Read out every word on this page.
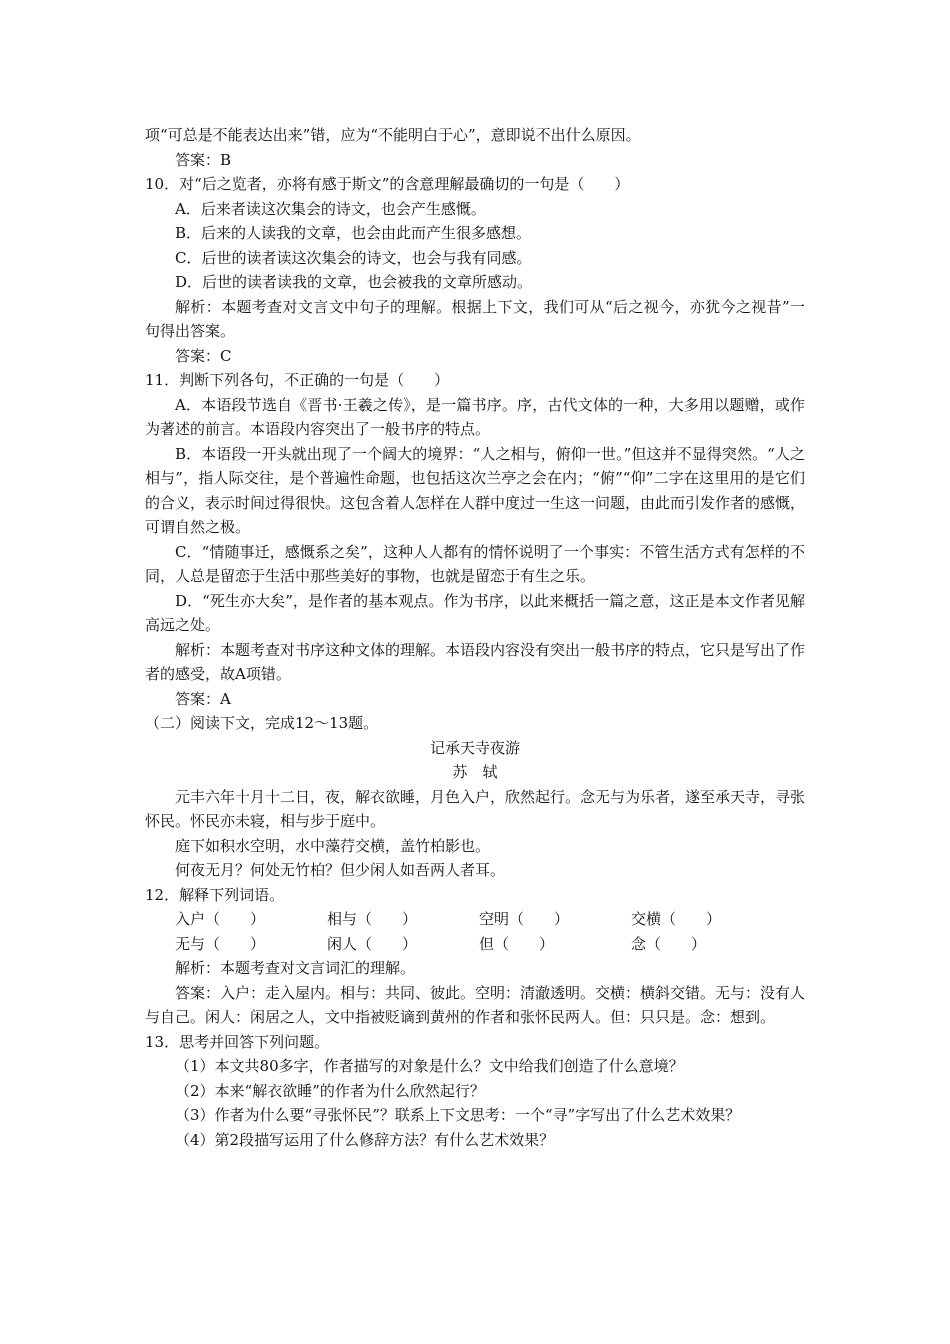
项“可总是不能表达出来”错，应为“不能明白于心”，意即说不出什么原因。

答案：B

10．对“后之览者，亦将有感于斯文”的含意理解最确切的一句是（　　）

A．后来者读这次集会的诗文，也会产生感慨。

B．后来的人读我的文章，也会由此而产生很多感想。

C．后世的读者读这次集会的诗文，也会与我有同感。

D．后世的读者读我的文章，也会被我的文章所感动。

解析：本题考查对文言文中句子的理解。根据上下文，我们可从“后之视今，亦犹今之视昔”一句得出答案。

答案：C

11．判断下列各句，不正确的一句是（　　）

A．本语段节选自《晋书·王羲之传》，是一篇书序。序，古代文体的一种，大多用以题赠，或作为著述的前言。本语段内容突出了一般书序的特点。

B．本语段一开头就出现了一个阔大的境界：“人之相与，俯仰一世。”但这并不显得突然。“人之相与”，指人际交往，是个普遍性命题，也包括这次兰亭之会在内；“俯”“仰”二字在这里用的是它们的合义，表示时间过得很快。这包含着人怎样在人群中度过一生这一问题，由此而引发作者的感慨，可谓自然之极。

C．“情随事迁，感慨系之矣”，这种人人都有的情怀说明了一个事实：不管生活方式有怎样的不同，人总是留恋于生活中那些美好的事物，也就是留恋于有生之乐。

D．“死生亦大矣”，是作者的基本观点。作为书序，以此来概括一篇之意，这正是本文作者见解高远之处。

解析：本题考查对书序这种文体的理解。本语段内容没有突出一般书序的特点，它只是写出了作者的感受，故A项错。

答案：A

（二）阅读下文，完成12～13题。

记承天寺夜游

苏　轼

元丰六年十月十二日，夜，解衣欲睡，月色入户，欣然起行。念无与为乐者，遂至承天寺，寻张怀民。怀民亦未寝，相与步于庭中。

庭下如积水空明，水中藻荇交横，盖竹柏影也。

何夜无月？何处无竹柏？但少闲人如吾两人者耳。

12．解释下列词语。

入户（　　）	相与（　　）	空明（　　）	交横（　　）
无与（　　）	闲人（　　）	但（　　）	念（　　）

解析：本题考查对文言词汇的理解。

答案：入户：走入屋内。相与：共同、彼此。空明：清澈透明。交横：横斜交错。无与：没有人与自己。闲人：闲居之人，文中指被贬谪到黄州的作者和张怀民两人。但：只只是。念：想到。

13．思考并回答下列问题。

（1）本文共80多字，作者描写的对象是什么？文中给我们创造了什么意境？

（2）本来“解衣欲睡”的作者为什么欣然起行？

（3）作者为什么要“寻张怀民”？联系上下文思考：一个“寻”字写出了什么艺术效果？

（4）第2段描写运用了什么修辞方法？有什么艺术效果？
